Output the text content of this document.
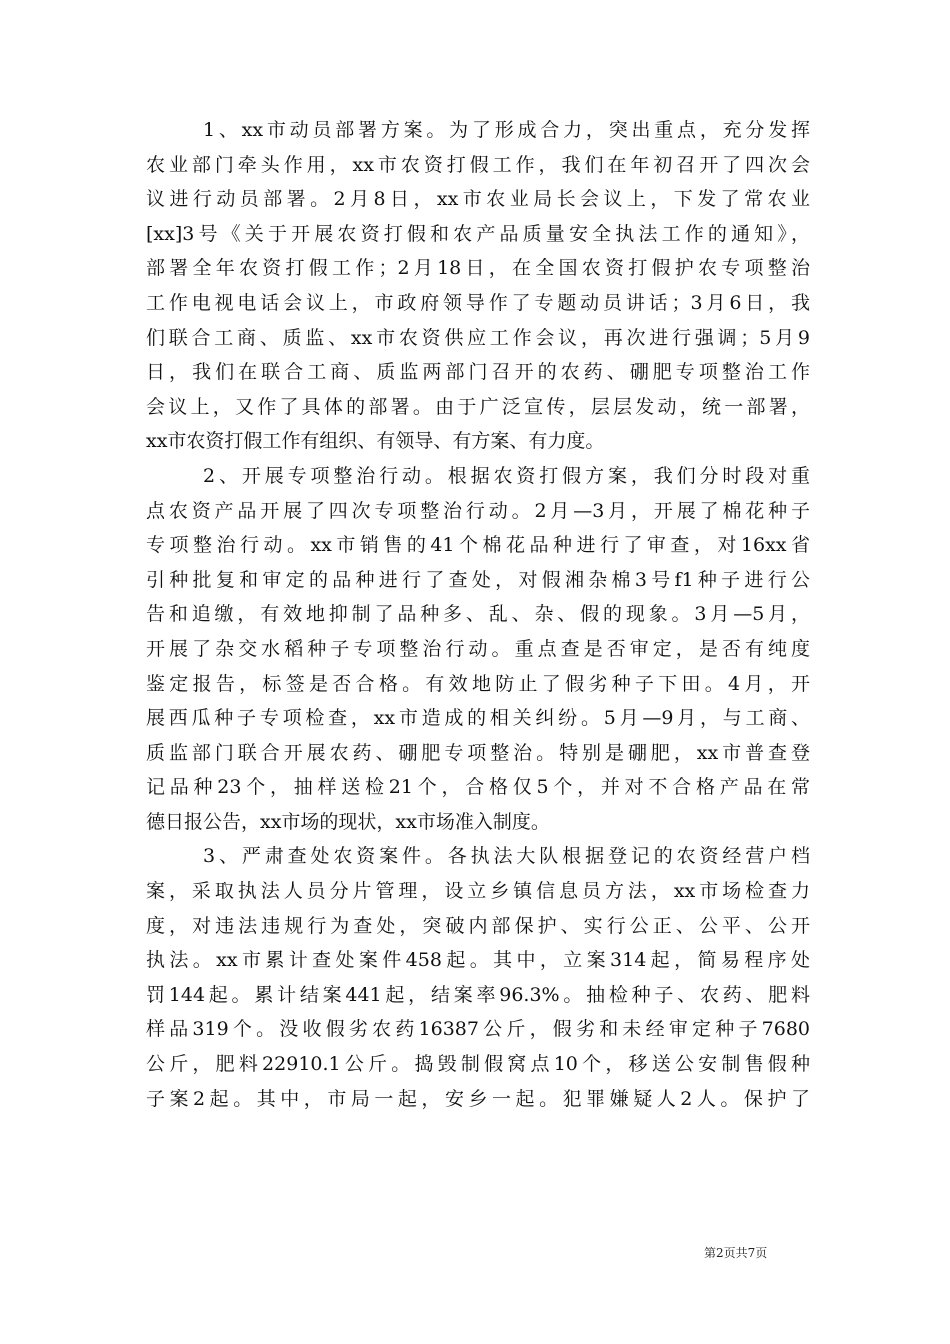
1、xx市动员部署方案。为了形成合力，突出重点，充分发挥
农业部门牵头作用，xx市农资打假工作，我们在年初召开了四次会
议进行动员部署。2月8日，xx市农业局长会议上，下发了常农业
[xx]3号《关于开展农资打假和农产品质量安全执法工作的通知》，
部署全年农资打假工作；2月18日，在全国农资打假护农专项整治
工作电视电话会议上，市政府领导作了专题动员讲话；3月6日，我
们联合工商、质监、xx市农资供应工作会议，再次进行强调；5月9
日，我们在联合工商、质监两部门召开的农药、硼肥专项整治工作
会议上，又作了具体的部署。由于广泛宣传，层层发动，统一部署，
xx市农资打假工作有组织、有领导、有方案、有力度。
2、开展专项整治行动。根据农资打假方案，我们分时段对重
点农资产品开展了四次专项整治行动。2月—3月，开展了棉花种子
专项整治行动。xx市销售的41个棉花品种进行了审查，对16xx省
引种批复和审定的品种进行了查处，对假湘杂棉3号f1种子进行公
告和追缴，有效地抑制了品种多、乱、杂、假的现象。3月—5月，
开展了杂交水稻种子专项整治行动。重点查是否审定，是否有纯度
鉴定报告，标签是否合格。有效地防止了假劣种子下田。4月，开
展西瓜种子专项检查，xx市造成的相关纠纷。5月—9月，与工商、
质监部门联合开展农药、硼肥专项整治。特别是硼肥，xx市普查登
记品种23个，抽样送检21个，合格仅5个，并对不合格产品在常
德日报公告，xx市场的现状，xx市场准入制度。
3、严肃查处农资案件。各执法大队根据登记的农资经营户档
案，采取执法人员分片管理，设立乡镇信息员方法，xx市场检查力
度，对违法违规行为查处，突破内部保护、实行公正、公平、公开
执法。xx市累计查处案件458起。其中，立案314起，简易程序处
罚144起。累计结案441起，结案率96.3%。抽检种子、农药、肥料
样品319个。没收假劣农药16387公斤，假劣和未经审定种子7680
公斤，肥料22910.1公斤。捣毁制假窝点10个，移送公安制售假种
子案2起。其中，市局一起，安乡一起。犯罪嫌疑人2人。保护了
第2页共7页
